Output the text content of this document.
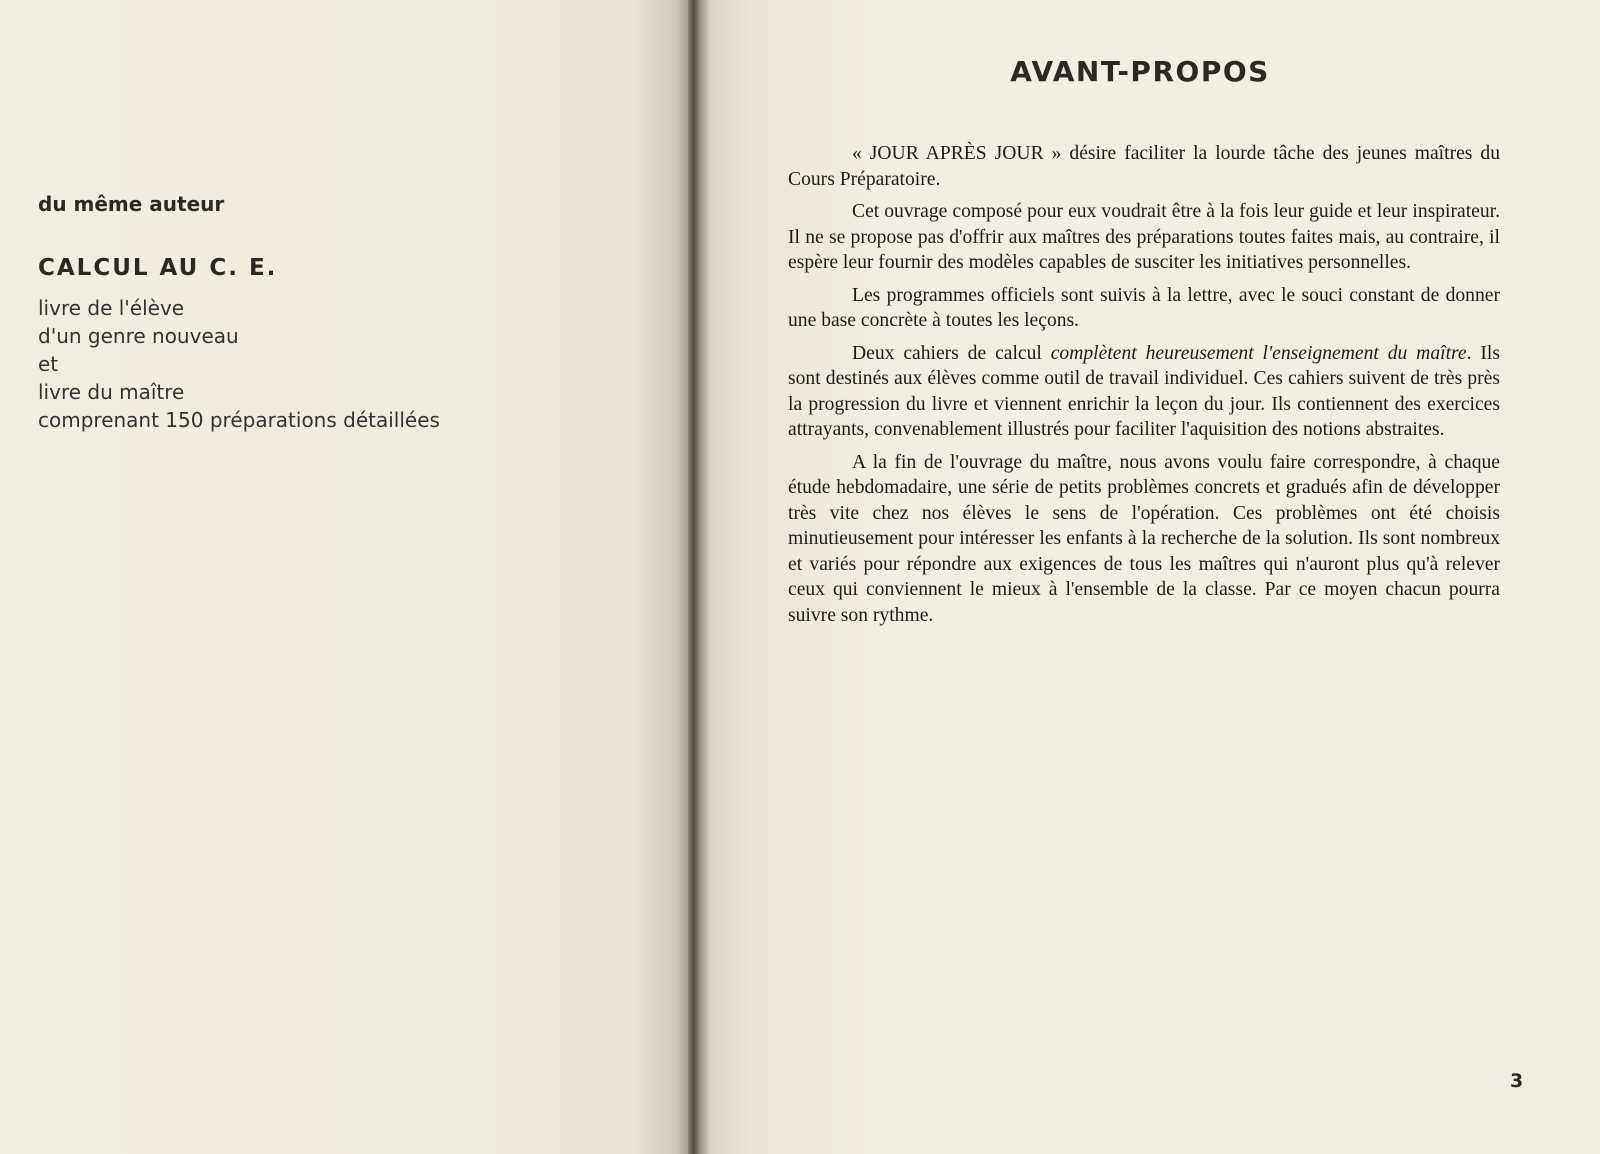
du même auteur
CALCUL AU C. E.
livre de l'élève
d'un genre nouveau
et
livre du maître
comprenant 150 préparations détaillées
AVANT-PROPOS

« JOUR APRÈS JOUR » désire faciliter la lourde tâche des jeunes maîtres du Cours Préparatoire.

Cet ouvrage composé pour eux voudrait être à la fois leur guide et leur inspirateur. Il ne se propose pas d'offrir aux maîtres des préparations toutes faites mais, au contraire, il espère leur fournir des modèles capables de susciter les initiatives personnelles.

Les programmes officiels sont suivis à la lettre, avec le souci constant de donner une base concrète à toutes les leçons.

Deux cahiers de calcul complètent heureusement l'enseignement du maître. Ils sont destinés aux élèves comme outil de travail individuel. Ces cahiers suivent de très près la progression du livre et viennent enrichir la leçon du jour. Ils contiennent des exercices attrayants, convenablement illustrés pour faciliter l'aquisition des notions abstraites.

A la fin de l'ouvrage du maître, nous avons voulu faire correspondre, à chaque étude hebdomadaire, une série de petits problèmes concrets et gradués afin de développer très vite chez nos élèves le sens de l'opération. Ces problèmes ont été choisis minutieusement pour intéresser les enfants à la recherche de la solution. Ils sont nombreux et variés pour répondre aux exigences de tous les maîtres qui n'auront plus qu'à relever ceux qui conviennent le mieux à l'ensemble de la classe. Par ce moyen chacun pourra suivre son rythme.

3
